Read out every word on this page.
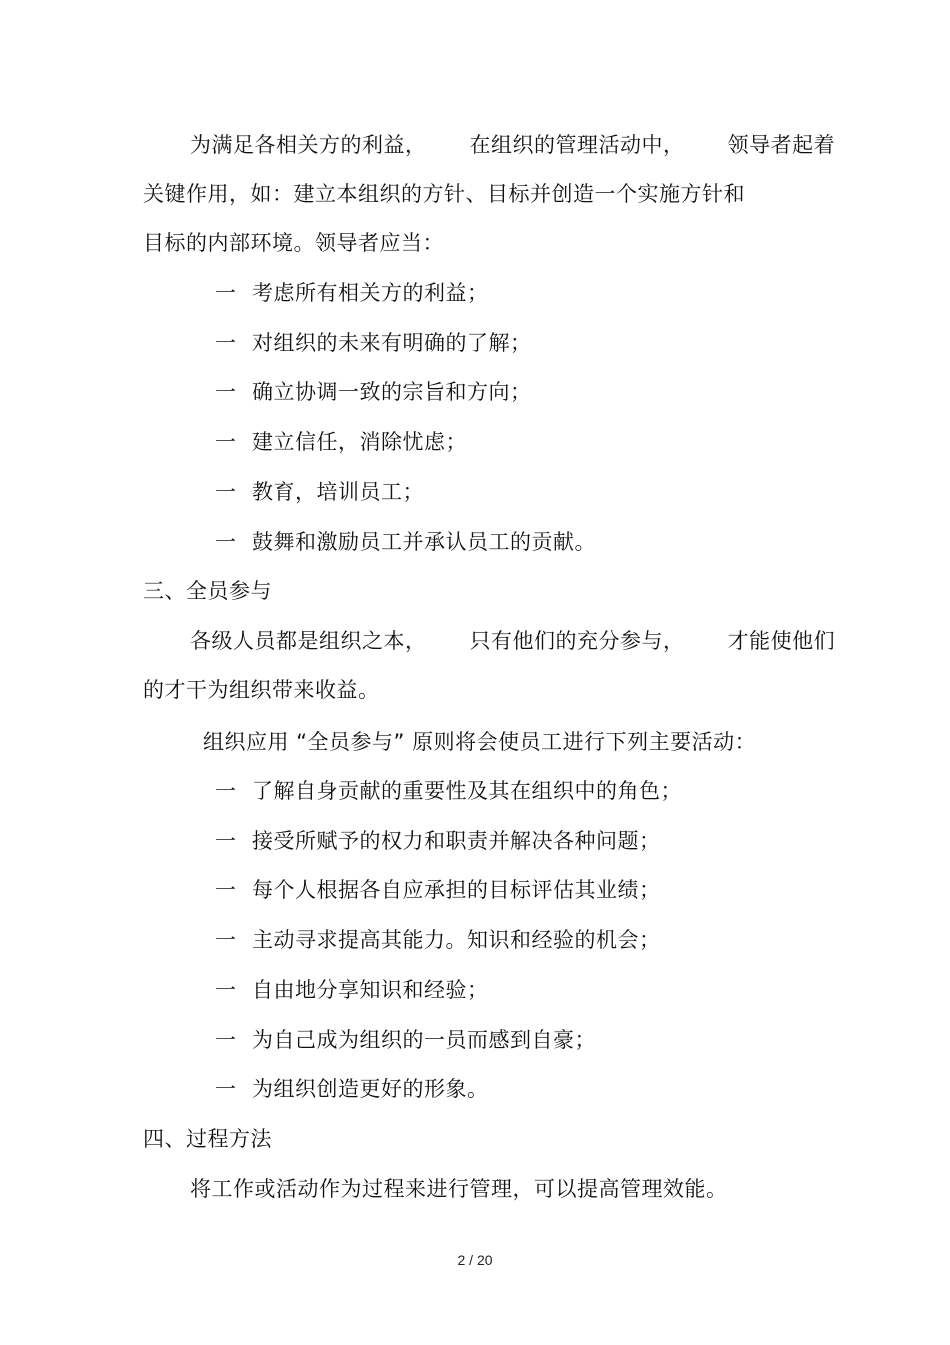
为满足各相关方的利益，      在组织的管理活动中，      领导者起着
关键作用，如：建立本组织的方针、目标并创造一个实施方针和
目标的内部环境。领导者应当：
一 考虑所有相关方的利益；
一 对组织的未来有明确的了解；
一 确立协调一致的宗旨和方向；
一 建立信任，消除忧虑；
一 教育，培训员工；
一 鼓舞和激励员工并承认员工的贡献。
三、全员参与
各级人员都是组织之本，      只有他们的充分参与，      才能使他们
的才干为组织带来收益。
组织应用 “全员参与” 原则将会使员工进行下列主要活动：
一 了解自身贡献的重要性及其在组织中的角色；
一 接受所赋予的权力和职责并解决各种问题；
一 每个人根据各自应承担的目标评估其业绩；
一 主动寻求提高其能力。知识和经验的机会；
一 自由地分享知识和经验；
一 为自己成为组织的一员而感到自豪；
一 为组织创造更好的形象。
四、过程方法
将工作或活动作为过程来进行管理，可以提高管理效能。
2 / 20
